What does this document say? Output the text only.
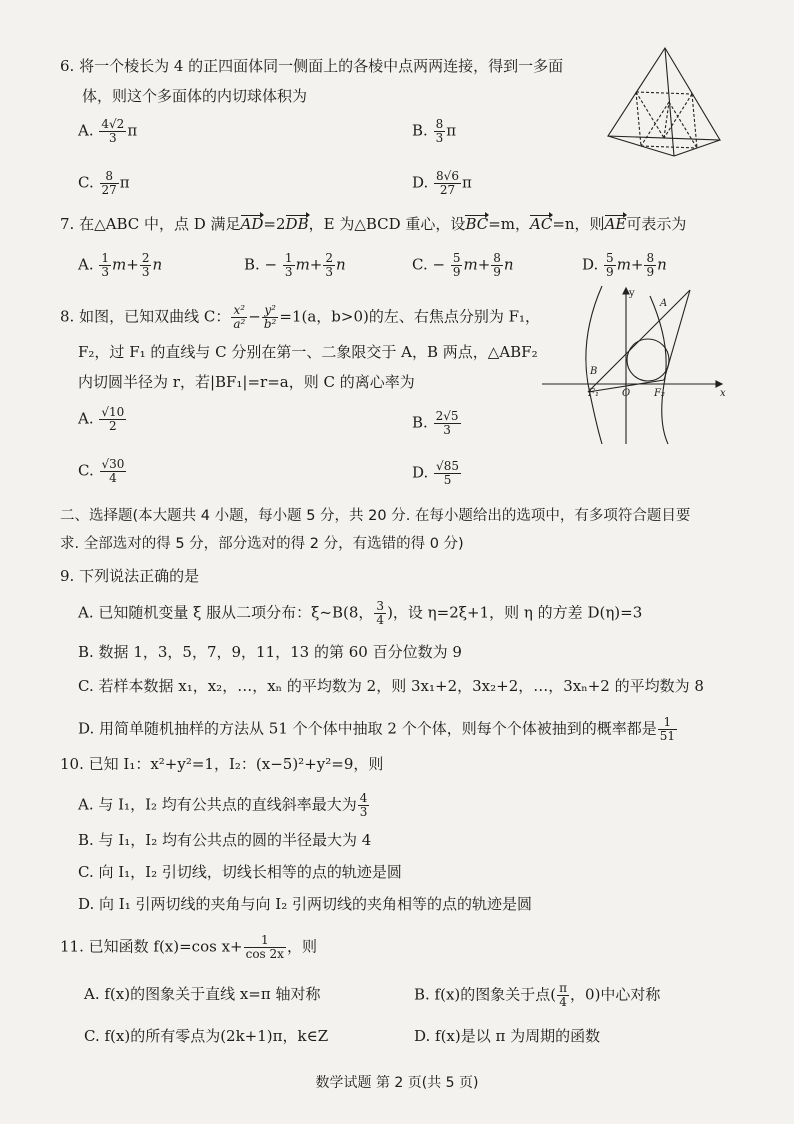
6. 将一个棱长为 4 的正四面体同一侧面上的各棱中点两两连接，得到一多面
体，则这个多面体的内切球体积为
A. $\frac{4√2}{3}$ π	B. $\frac{8}{3}$ π
C. $\frac{8}{27}$ π	D. $\frac{8√6}{27}$ π
7. 在△ABC 中，点 D 满足AD=2DB，E 为△BCD 重心，设BC=m，AC=n，则AE可表示为
A. $\frac{1}{3} m+ \frac{2}{3}$ n	B. − $\frac{1}{3} m+ \frac{2}{3}$ n	C. − $\frac{5}{9} m+ \frac{8}{9}$ n	D. $\frac{5}{9} m+ \frac{8}{9}$ n
8. 如图，已知双曲线 C： $\frac{\text{x²}}{\text{a²}} - \frac{\text{y²}}{\text{b²}} =1(a$，b>0)的左、右焦点分别为 F₁，
F₂，过 F₁ 的直线与 C 分别在第一、二象限交于 A，B 两点，△ABF₂
内切圆半径为 r，若|BF₁|=r=a，则 C 的离心率为
y
A
B
F₁ O F₂	x
A. $\frac{√10}{2}$	B. $\frac{2√5}{3}$
C. $\frac{√30}{4}$	D. $\frac{√85}{5}$
二、选择题(本大题共 4 小题，每小题 5 分，共 20 分. 在每小题给出的选项中，有多项符合题目要
求. 全部选对的得 5 分，部分选对的得 2 分，有选错的得 0 分)
9. 下列说法正确的是
A. 已知随机变量 ξ 服从二项分布：ξ~B(8， $\frac{3}{4}$ )，设 η=2ξ+1，则 η 的方差 D(η)=3
B. 数据 1，3，5，7，9，11，13 的第 60 百分位数为 9
C. 若样本数据 x₁，x₂，…，xₙ 的平均数为 2，则 3x₁+2，3x₂+2，…，3xₙ+2 的平均数为 8
D. 用简单随机抽样的方法从 51 个个体中抽取 2 个个体，则每个个体被抽到的概率都是 $\frac{1}{51}$
10. 已知 I₁：x²+y²=1，I₂：(x−5)²+y²=9，则
A. 与 I₁，I₂ 均有公共点的直线斜率最大为 $\frac{4}{3}$
B. 与 I₁，I₂ 均有公共点的圆的半径最大为 4
C. 向 I₁，I₂ 引切线，切线长相等的点的轨迹是圆
D. 向 I₁ 引两切线的夹角与向 I₂ 引两切线的夹角相等的点的轨迹是圆
11. 已知函数 f(x)=cos $x+ \frac{1}{\cos 2x}$ ，则
A. f(x)的图象关于直线 x=π 轴对称	B. f(x)的图象关于点( $\frac{\pi}{4}$ ，0)中心对称
C. f(x)的所有零点为(2k+1)π，k∈Z	D. f(x)是以 π 为周期的函数
数学试题 第 2 页(共 5 页)
